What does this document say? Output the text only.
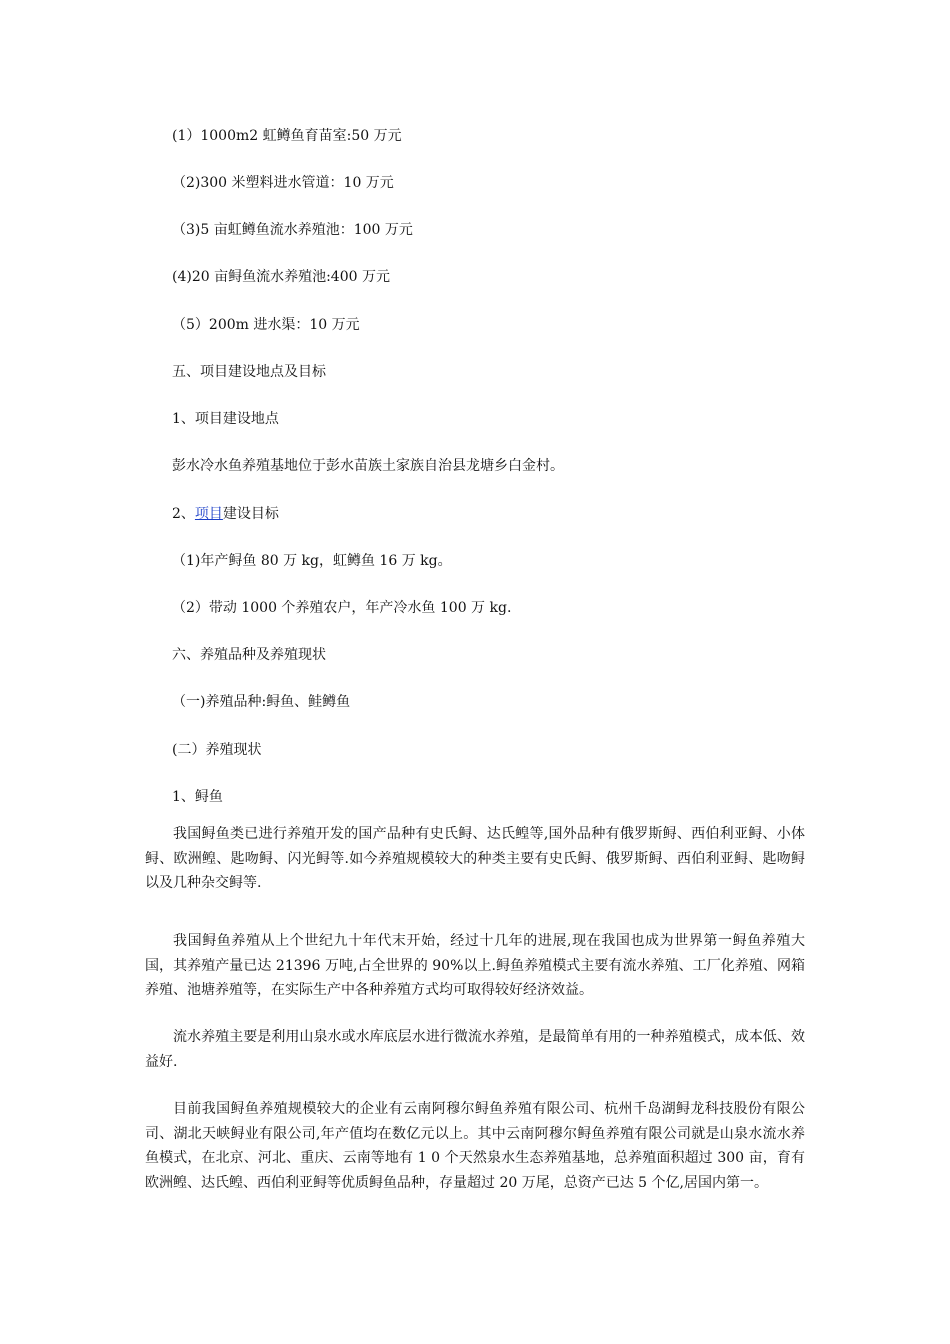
(1）1000m2 虹鳟鱼育苗室:50 万元
（2)300 米塑料进水管道：10 万元
（3)5 亩虹鳟鱼流水养殖池：100 万元
(4)20 亩鲟鱼流水养殖池:400 万元
（5）200m 进水渠：10 万元
五、项目建设地点及目标
1、项目建设地点
彭水冷水鱼养殖基地位于彭水苗族土家族自治县龙塘乡白金村。
2、项目建设目标
（1)年产鲟鱼 80 万 kg，虹鳟鱼 16 万 kg。
（2）带动 1000 个养殖农户，年产冷水鱼 100 万 kg.
六、养殖品种及养殖现状
（一)养殖品种:鲟鱼、鲑鳟鱼
(二）养殖现状
1、鲟鱼

我国鲟鱼类已进行养殖开发的国产品种有史氏鲟、达氏鳇等,国外品种有俄罗斯鲟、西伯利亚鲟、小体鲟、欧洲鳇、匙吻鲟、闪光鲟等.如今养殖规模较大的种类主要有史氏鲟、俄罗斯鲟、西伯利亚鲟、匙吻鲟以及几种杂交鲟等.

我国鲟鱼养殖从上个世纪九十年代末开始，经过十几年的进展,现在我国也成为世界第一鲟鱼养殖大国，其养殖产量已达 21396 万吨,占全世界的 90%以上.鲟鱼养殖模式主要有流水养殖、工厂化养殖、网箱养殖、池塘养殖等，在实际生产中各种养殖方式均可取得较好经济效益。

流水养殖主要是利用山泉水或水库底层水进行微流水养殖，是最简单有用的一种养殖模式，成本低、效益好.

目前我国鲟鱼养殖规模较大的企业有云南阿穆尔鲟鱼养殖有限公司、杭州千岛湖鲟龙科技股份有限公司、湖北天峡鲟业有限公司,年产值均在数亿元以上。其中云南阿穆尔鲟鱼养殖有限公司就是山泉水流水养鱼模式，在北京、河北、重庆、云南等地有 1 0 个天然泉水生态养殖基地，总养殖面积超过 300 亩，育有欧洲鳇、达氏鳇、西伯利亚鲟等优质鲟鱼品种，存量超过 20 万尾，总资产已达 5 个亿,居国内第一。
